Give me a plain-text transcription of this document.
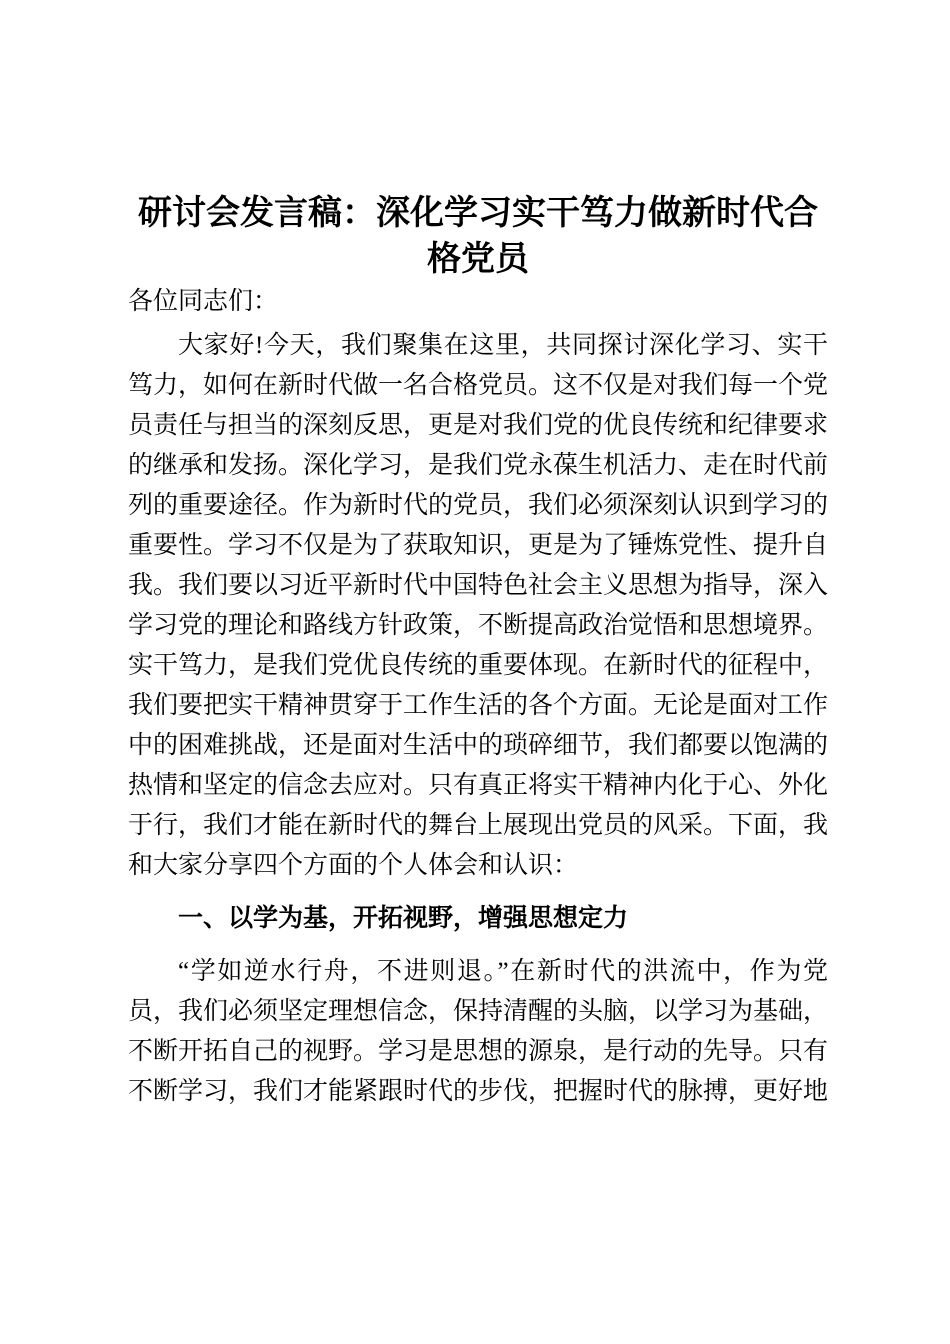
研讨会发言稿：深化学习实干笃力做新时代合格党员

各位同志们：

大家好!今天，我们聚集在这里，共同探讨深化学习、实干笃力，如何在新时代做一名合格党员。这不仅是对我们每一个党员责任与担当的深刻反思，更是对我们党的优良传统和纪律要求的继承和发扬。深化学习，是我们党永葆生机活力、走在时代前列的重要途径。作为新时代的党员，我们必须深刻认识到学习的重要性。学习不仅是为了获取知识，更是为了锤炼党性、提升自我。我们要以习近平新时代中国特色社会主义思想为指导，深入学习党的理论和路线方针政策，不断提高政治觉悟和思想境界。实干笃力，是我们党优良传统的重要体现。在新时代的征程中，我们要把实干精神贯穿于工作生活的各个方面。无论是面对工作中的困难挑战，还是面对生活中的琐碎细节，我们都要以饱满的热情和坚定的信念去应对。只有真正将实干精神内化于心、外化于行，我们才能在新时代的舞台上展现出党员的风采。下面，我和大家分享四个方面的个人体会和认识：

一、以学为基，开拓视野，增强思想定力

“学如逆水行舟，不进则退。”在新时代的洪流中，作为党员，我们必须坚定理想信念，保持清醒的头脑，以学习为基础，不断开拓自己的视野。学习是思想的源泉，是行动的先导。只有不断学习，我们才能紧跟时代的步伐，把握时代的脉搏，更好地
